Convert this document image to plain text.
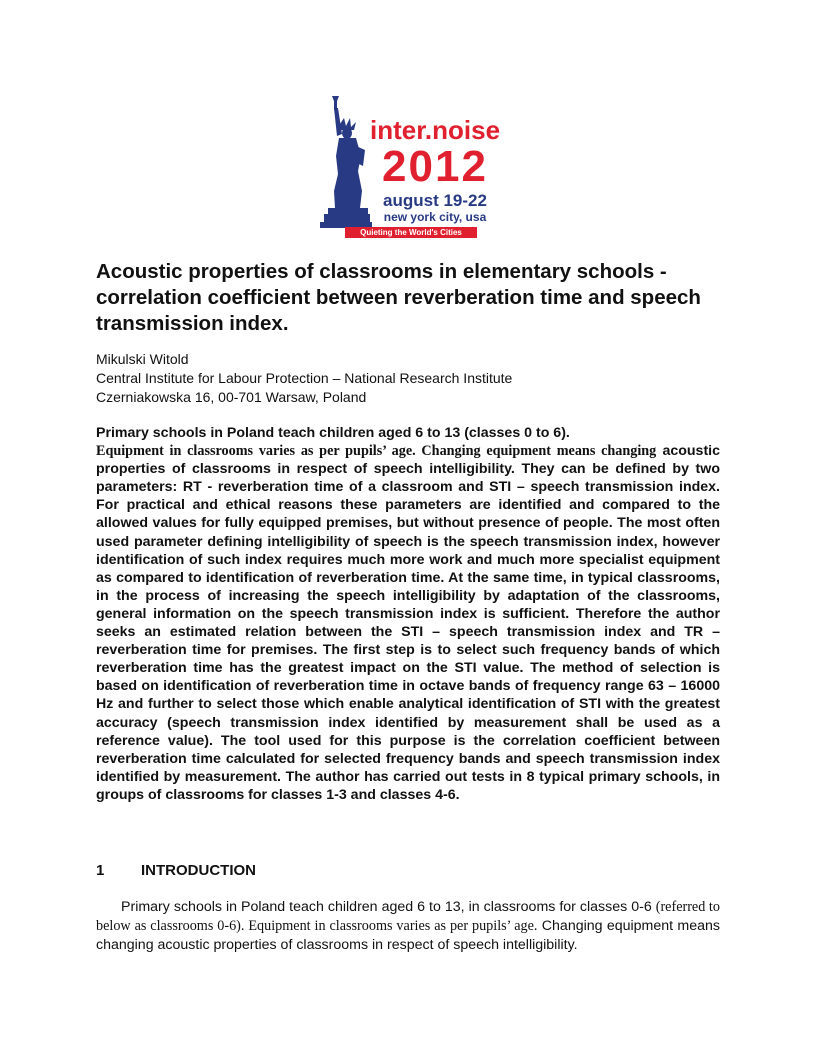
inter.noise
2012
august 19-22
new york city, usa
Quieting the World's Cities
Acoustic properties of classrooms in elementary schools - correlation coefficient between reverberation time and speech transmission index.
Mikulski Witold
Central Institute for Labour Protection – National Research Institute
Czerniakowska 16, 00-701 Warsaw, Poland

Primary schools in Poland teach children aged 6 to 13 (classes 0 to 6).
Equipment in classrooms varies as per pupils’ age. Changing equipment means changing acoustic properties of classrooms in respect of speech intelligibility. They can be defined by two parameters: RT - reverberation time of a classroom and STI – speech transmission index. For practical and ethical reasons these parameters are identified and compared to the allowed values for fully equipped premises, but without presence of people. The most often used parameter defining intelligibility of speech is the speech transmission index, however identification of such index requires much more work and much more specialist equipment as compared to identification of reverberation time. At the same time, in typical classrooms, in the process of increasing the speech intelligibility by adaptation of the classrooms, general information on the speech transmission index is sufficient. Therefore the author seeks an estimated relation between the STI – speech transmission index and TR – reverberation time for premises. The first step is to select such frequency bands of which reverberation time has the greatest impact on the STI value. The method of selection is based on identification of reverberation time in octave bands of frequency range 63 – 16000 Hz and further to select those which enable analytical identification of STI with the greatest accuracy (speech transmission index identified by measurement shall be used as a reference value). The tool used for this purpose is the correlation coefficient between reverberation time calculated for selected frequency bands and speech transmission index identified by measurement. The author has carried out tests in 8 typical primary schools, in groups of classrooms for classes 1-3 and classes 4-6.

1 INTRODUCTION

Primary schools in Poland teach children aged 6 to 13, in classrooms for classes 0-6 (referred to below as classrooms 0-6). Equipment in classrooms varies as per pupils’ age. Changing equipment means changing acoustic properties of classrooms in respect of speech intelligibility.
